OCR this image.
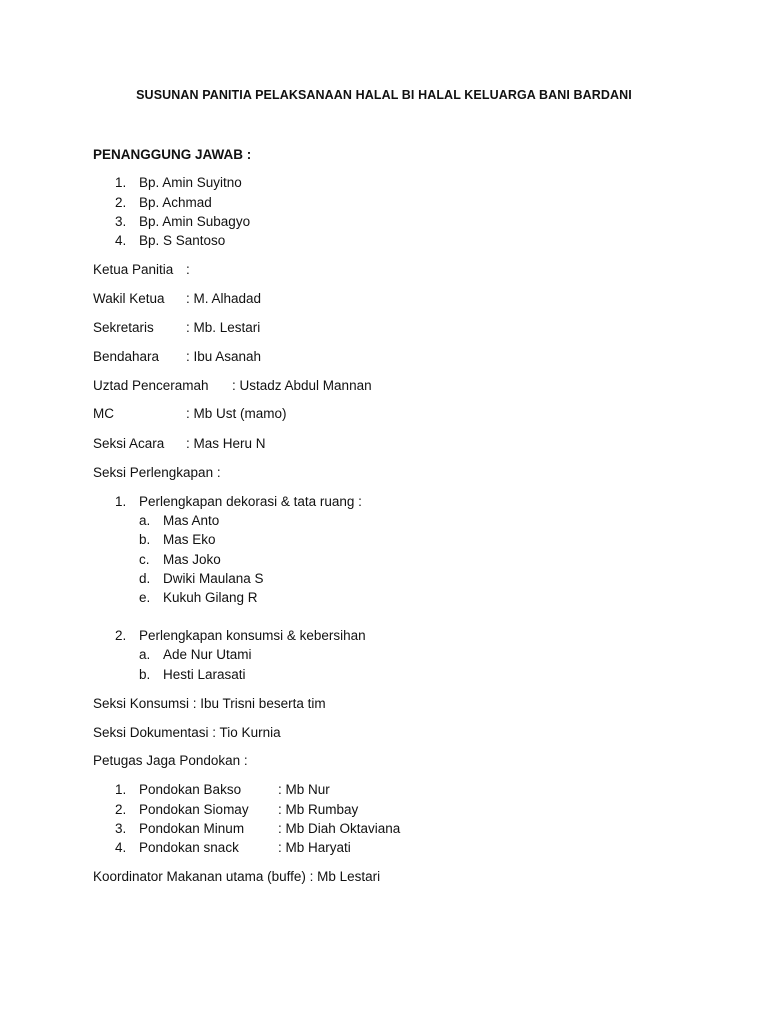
SUSUNAN PANITIA PELAKSANAAN HALAL BI HALAL KELUARGA BANI BARDANI
PENANGGUNG JAWAB :
1. Bp. Amin Suyitno
2. Bp. Achmad
3. Bp. Amin Subagyo
4. Bp. S Santoso
Ketua Panitia :
Wakil Ketua : M. Alhadad
Sekretaris : Mb. Lestari
Bendahara : Ibu Asanah
Uztad Penceramah : Ustadz Abdul Mannan
MC	: Mb Ust (mamo)
Seksi Acara : Mas Heru N
Seksi Perlengkapan :
1. Perlengkapan dekorasi & tata ruang :
a. Mas Anto
b. Mas Eko
c. Mas Joko
d. Dwiki Maulana S
e. Kukuh Gilang R
2. Perlengkapan konsumsi & kebersihan
a. Ade Nur Utami
b. Hesti Larasati
Seksi Konsumsi : Ibu Trisni beserta tim
Seksi Dokumentasi : Tio Kurnia
Petugas Jaga Pondokan :
1. Pondokan Bakso	: Mb Nur
2. Pondokan Siomay : Mb Rumbay
3. Pondokan Minum	: Mb Diah Oktaviana
4. Pondokan snack	: Mb Haryati
Koordinator Makanan utama (buffe) : Mb Lestari
